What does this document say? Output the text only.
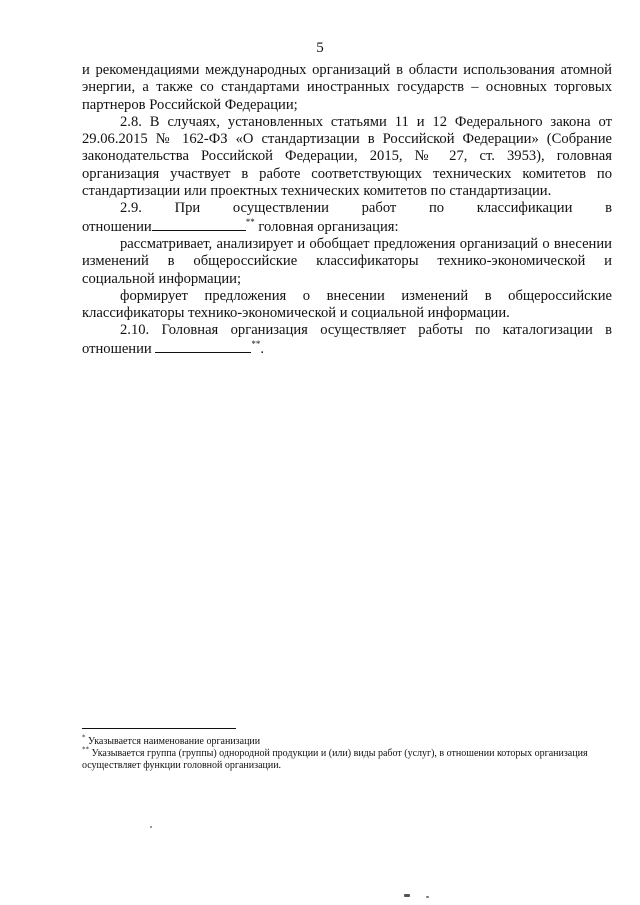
5

и рекомендациями международных организаций в области использования атомной энергии, а также со стандартами иностранных государств – основных торговых партнеров Российской Федерации;

2.8. В случаях, установленных статьями 11 и 12 Федерального закона от 29.06.2015 № 162-ФЗ «О стандартизации в Российской Федерации» (Собрание законодательства Российской Федерации, 2015, № 27, ст. 3953), головная организация участвует в работе соответствующих технических комитетов по стандартизации или проектных технических комитетов по стандартизации.

2.9. При осуществлении работ по классификации в

отношении	** головная организация:

рассматривает, анализирует и обобщает предложения организаций о внесении изменений в общероссийские классификаторы технико-экономической и социальной информации;

формирует предложения о внесении изменений в общероссийские классификаторы технико-экономической и социальной информации.

2.10. Головная организация осуществляет работы по каталогизации в

отношении	**.

* Указывается наименование организации

** Указывается группа (группы) однородной продукции и (или) виды работ (услуг), в отношении которых организация осуществляет функции головной организации.
